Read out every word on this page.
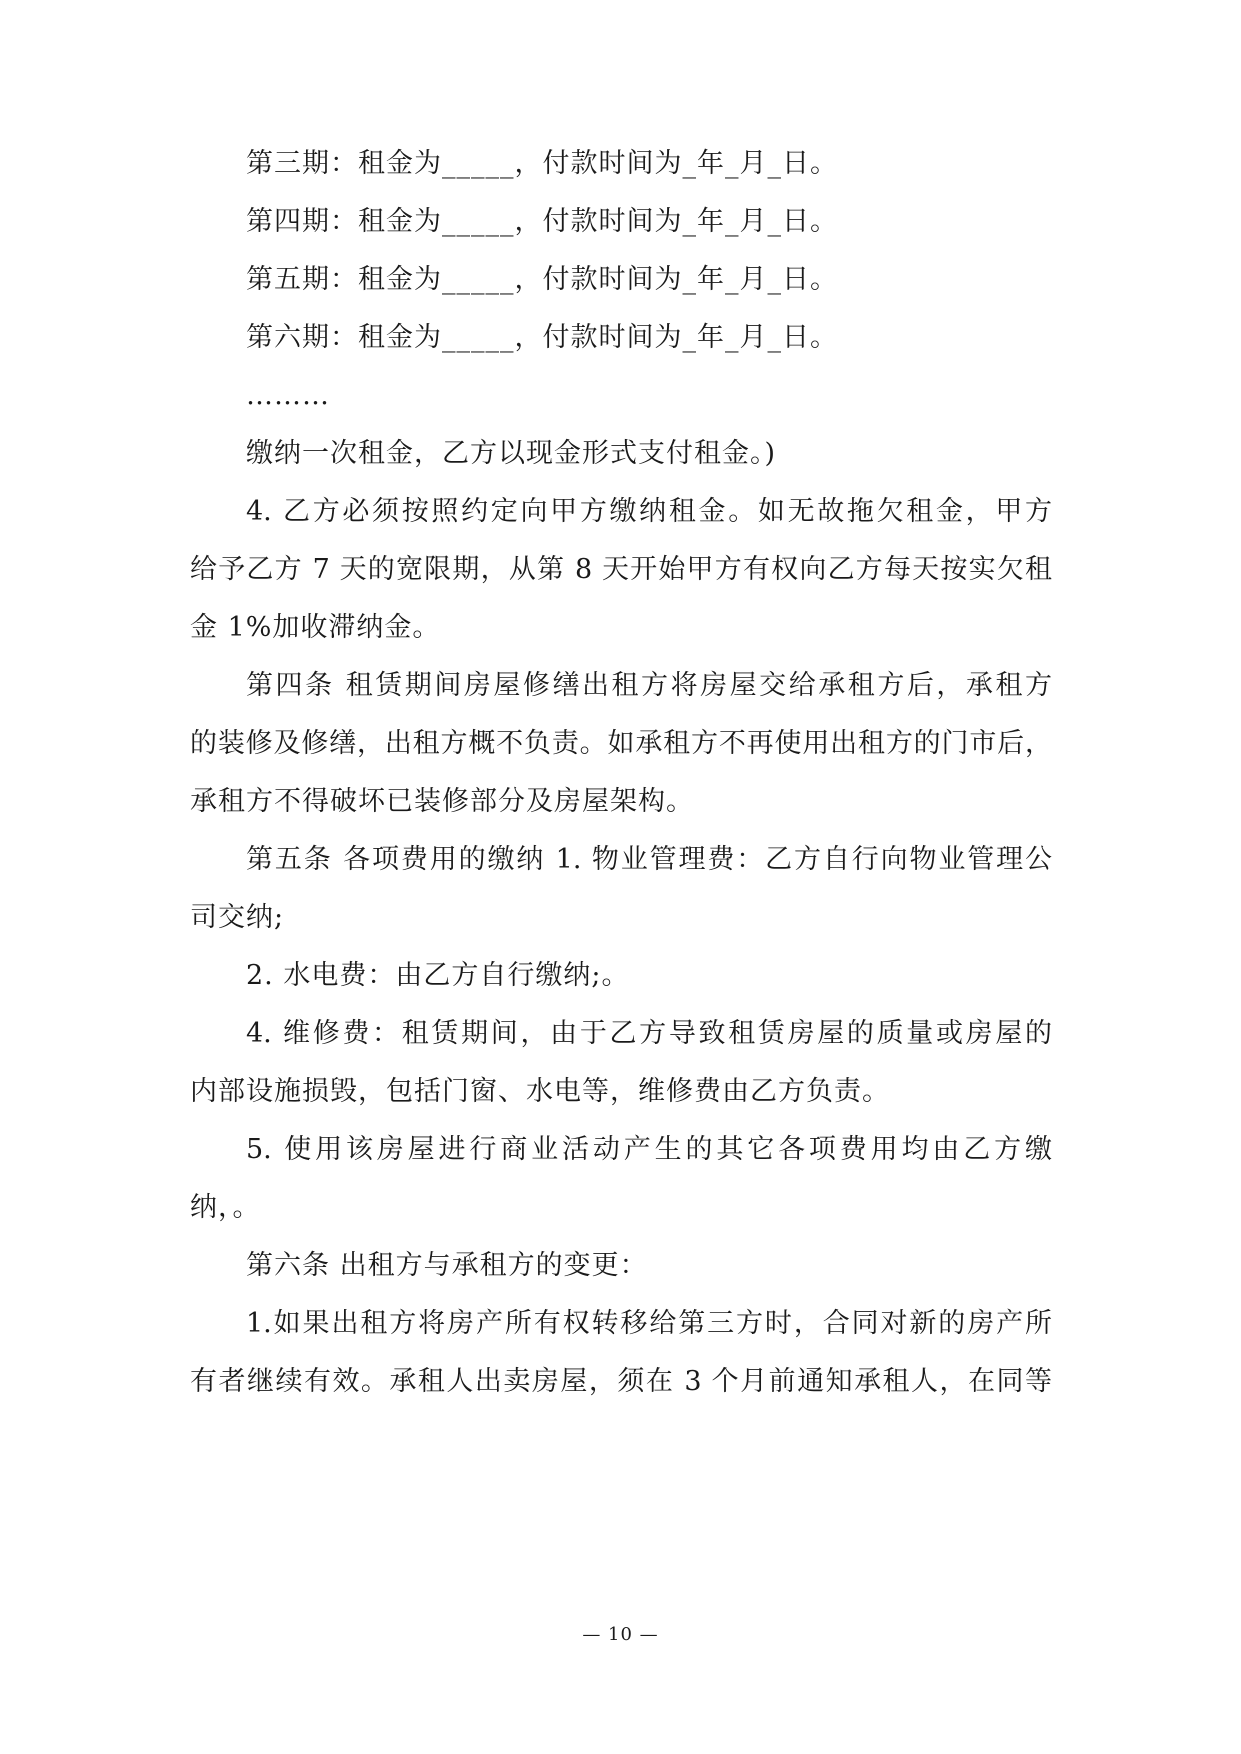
第三期：租金为_____，付款时间为_年_月_日。
第四期：租金为_____，付款时间为_年_月_日。
第五期：租金为_____，付款时间为_年_月_日。
第六期：租金为_____，付款时间为_年_月_日。
………
缴纳一次租金，乙方以现金形式支付租金。)
4. 乙方必须按照约定向甲方缴纳租金。如无故拖欠租金，甲方
给予乙方 7 天的宽限期，从第 8 天开始甲方有权向乙方每天按实欠租
金 1%加收滞纳金。
第四条 租赁期间房屋修缮出租方将房屋交给承租方后，承租方
的装修及修缮，出租方概不负责。如承租方不再使用出租方的门市后，
承租方不得破坏已装修部分及房屋架构。
第五条 各项费用的缴纳 1. 物业管理费：乙方自行向物业管理公
司交纳;
2. 水电费：由乙方自行缴纳;。
4. 维修费：租赁期间，由于乙方导致租赁房屋的质量或房屋的
内部设施损毁，包括门窗、水电等，维修费由乙方负责。
5. 使用该房屋进行商业活动产生的其它各项费用均由乙方缴
纳，。
第六条 出租方与承租方的变更：
1.如果出租方将房产所有权转移给第三方时，合同对新的房产所
有者继续有效。承租人出卖房屋，须在 3 个月前通知承租人，在同等
— 10 —
